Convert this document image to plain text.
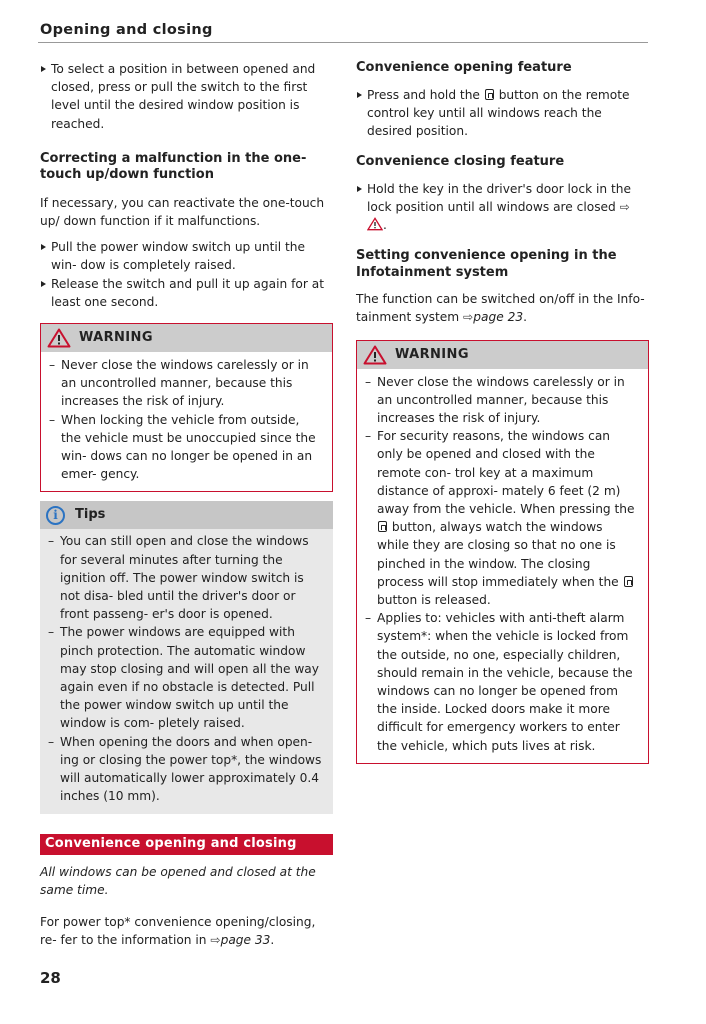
Opening and closing

To select a position in between opened and closed, press or pull the switch to the first level until the desired window position is reached.

Correcting a malfunction in the one-touch up/down function

If necessary, you can reactivate the one-touch up/ down function if it malfunctions.

Pull the power window switch up until the win- dow is completely raised.

Release the switch and pull it up again for at least one second.

WARNING

– Never close the windows carelessly or in an uncontrolled manner, because this increases the risk of injury.

– When locking the vehicle from outside, the vehicle must be unoccupied since the win- dows can no longer be opened in an emer- gency.

i	Tips

– You can still open and close the windows for several minutes after turning the ignition off. The power window switch is not disa- bled until the driver's door or front passeng- er's door is opened.

– The power windows are equipped with pinch protection. The automatic window may stop closing and will open all the way again even if no obstacle is detected. Pull the power window switch up until the window is com- pletely raised.

– When opening the doors and when open- ing or closing the power top*, the windows will automatically lower approximately 0.4 inches (10 mm).

Convenience opening and closing

All windows can be opened and closed at the same time.

For power top* convenience opening/closing, re- fer to the information in ⇨page 33.

28

Convenience opening feature

Press and hold the button on the remote control key until all windows reach the desired position.

Convenience closing feature

Hold the key in the driver's door lock in the lock position until all windows are closed ⇨ .

Setting convenience opening in the Infotainment system

The function can be switched on/off in the Info- tainment system ⇨page 23.

WARNING

– Never close the windows carelessly or in an uncontrolled manner, because this increases the risk of injury.

– For security reasons, the windows can only be opened and closed with the remote con- trol key at a maximum distance of approxi- mately 6 feet (2 m) away from the vehicle. When pressing the  button, always watch the windows while they are closing so that no one is pinched in the window. The closing process will stop immediately when the  button is released.

– Applies to: vehicles with anti-theft alarm system*: when the vehicle is locked from the outside, no one, especially children, should remain in the vehicle, because the windows can no longer be opened from the inside. Locked doors make it more difficult for emergency workers to enter the vehicle, which puts lives at risk.
